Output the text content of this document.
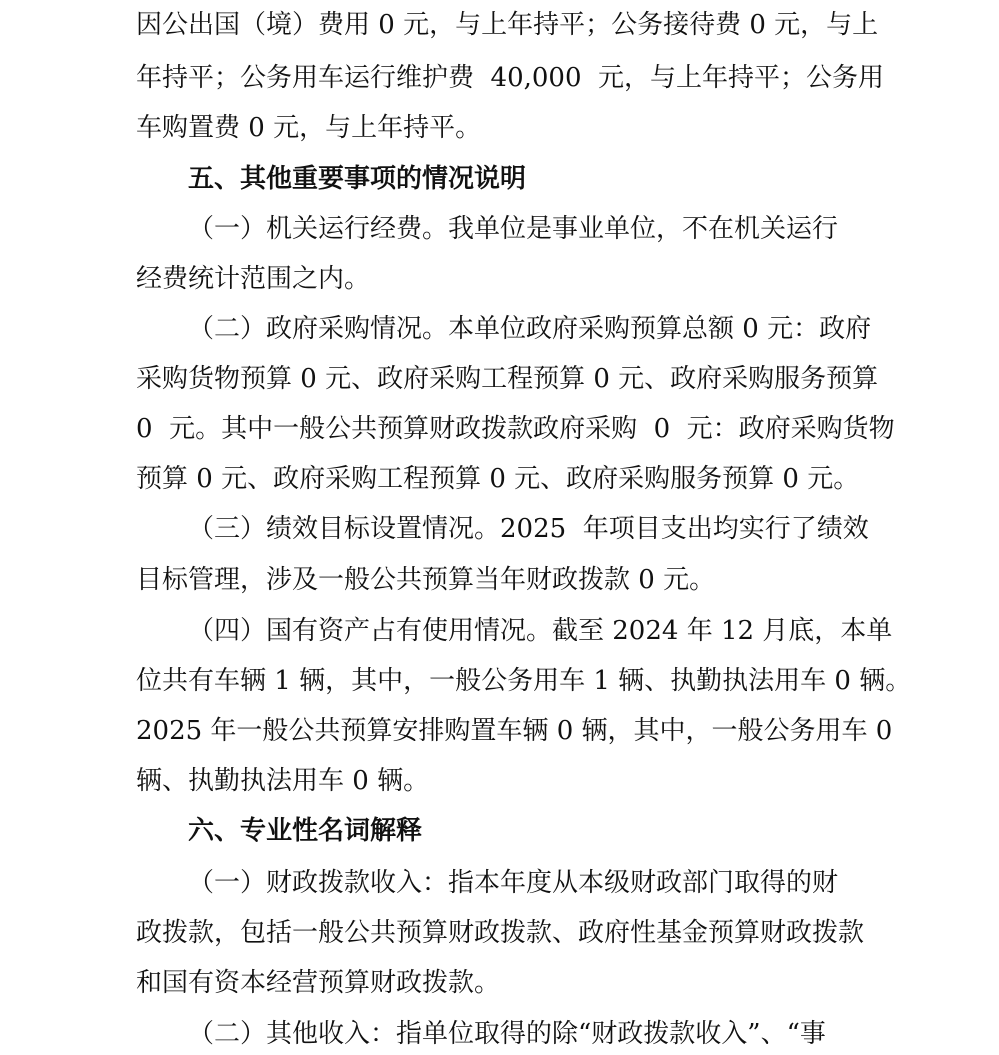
因公出国（境）费用 0 元，与上年持平；公务接待费 0 元，与上
年持平；公务用车运行维护费  40,000  元，与上年持平；公务用
车购置费 0 元，与上年持平。
五、其他重要事项的情况说明
（一）机关运行经费。我单位是事业单位，不在机关运行
经费统计范围之内。
（二）政府采购情况。本单位政府采购预算总额 0 元：政府
采购货物预算 0 元、政府采购工程预算 0 元、政府采购服务预算
0  元。其中一般公共预算财政拨款政府采购  0  元：政府采购货物
预算 0 元、政府采购工程预算 0 元、政府采购服务预算 0 元。
（三）绩效目标设置情况。2025  年项目支出均实行了绩效
目标管理，涉及一般公共预算当年财政拨款 0 元。
（四）国有资产占有使用情况。截至 2024 年 12 月底，本单
位共有车辆 1 辆，其中，一般公务用车 1 辆、执勤执法用车 0 辆。
2025 年一般公共预算安排购置车辆 0 辆，其中，一般公务用车 0
辆、执勤执法用车 0 辆。
六、专业性名词解释
（一）财政拨款收入：指本年度从本级财政部门取得的财
政拨款，包括一般公共预算财政拨款、政府性基金预算财政拨款
和国有资本经营预算财政拨款。
（二）其他收入：指单位取得的除“财政拨款收入”、“事
